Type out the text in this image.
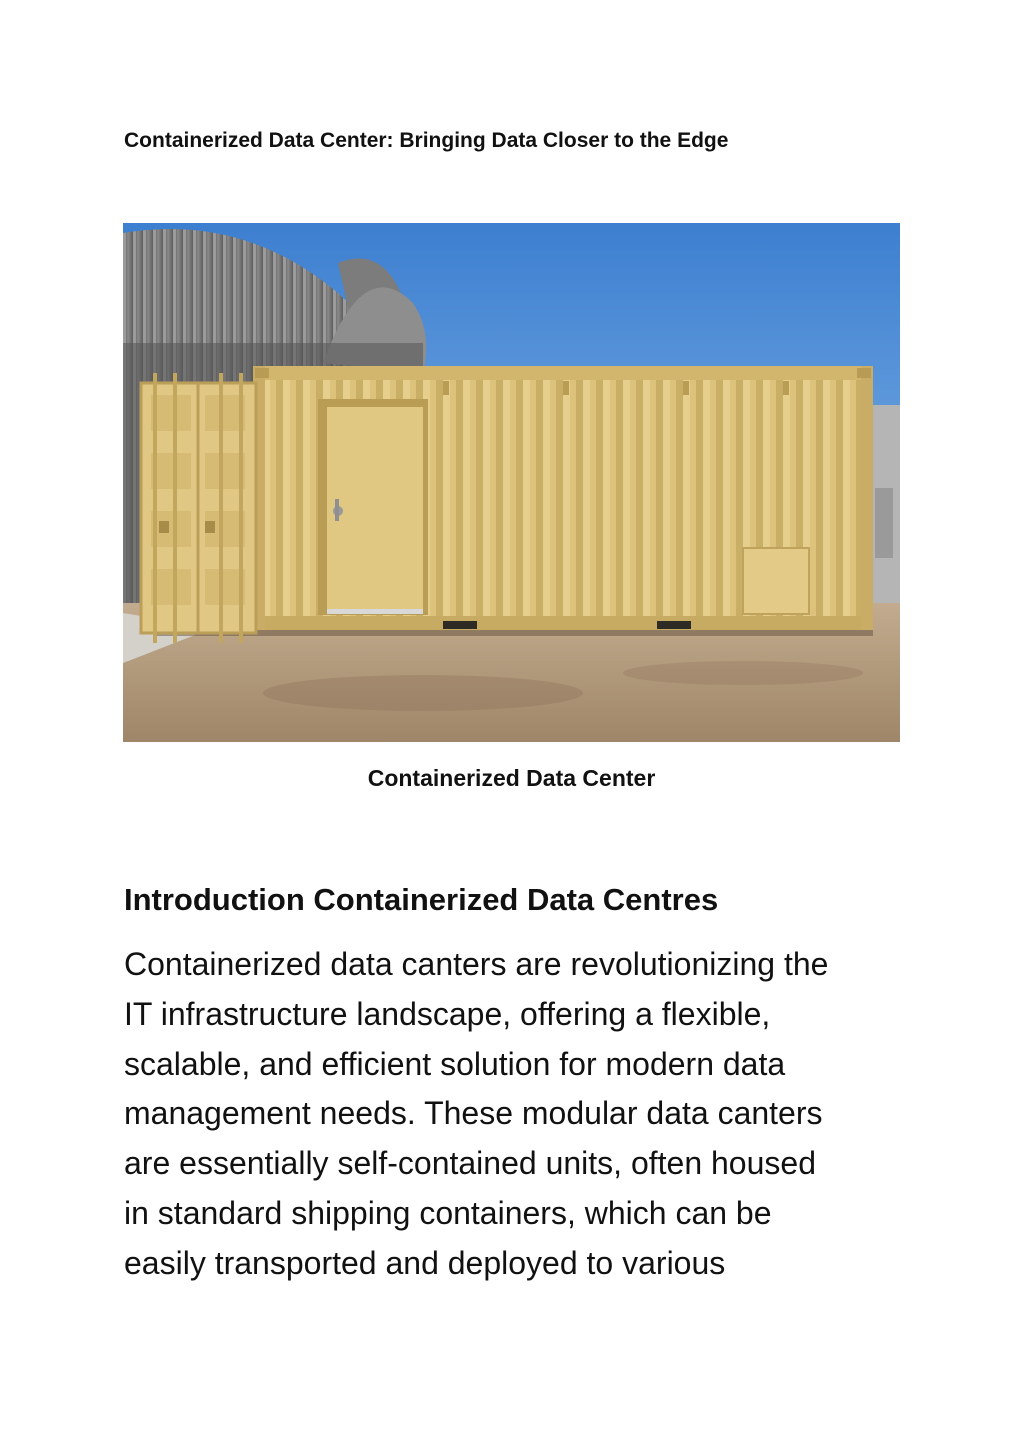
Containerized Data Center: Bringing Data Closer to the Edge
Containerized Data Center
Introduction Containerized Data Centres
Containerized data canters are revolutionizing the
IT infrastructure landscape, offering a flexible,
scalable, and efficient solution for modern data
management needs. These modular data canters
are essentially self-contained units, often housed
in standard shipping containers, which can be
easily transported and deployed to various
